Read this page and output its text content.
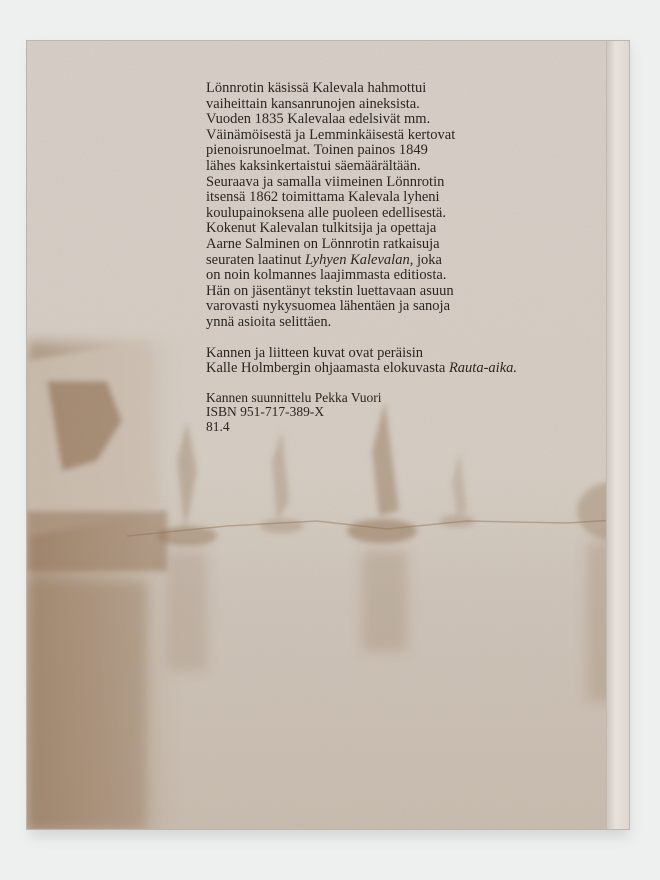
Lönnrotin käsissä Kalevala hahmottui
vaiheittain kansanrunojen aineksista.
Vuoden 1835 Kalevalaa edelsivät mm.
Väinämöisestä ja Lemminkäisestä kertovat
pienoisrunoelmat. Toinen painos 1849
lähes kaksinkertaistui säemäärältään.
Seuraava ja samalla viimeinen Lönnrotin
itsensä 1862 toimittama Kalevala lyheni
koulupainoksena alle puoleen edellisestä.
Kokenut Kalevalan tulkitsija ja opettaja
Aarne Salminen on Lönnrotin ratkaisuja
seuraten laatinut Lyhyen Kalevalan, joka
on noin kolmannes laajimmasta editiosta.
Hän on jäsentänyt tekstin luettavaan asuun
varovasti nykysuomea lähentäen ja sanoja
ynnä asioita selittäen.

Kannen ja liitteen kuvat ovat peräisin
Kalle Holmbergin ohjaamasta elokuvasta Rauta-aika.

Kannen suunnittelu Pekka Vuori
ISBN 951-717-389-X
81.4
